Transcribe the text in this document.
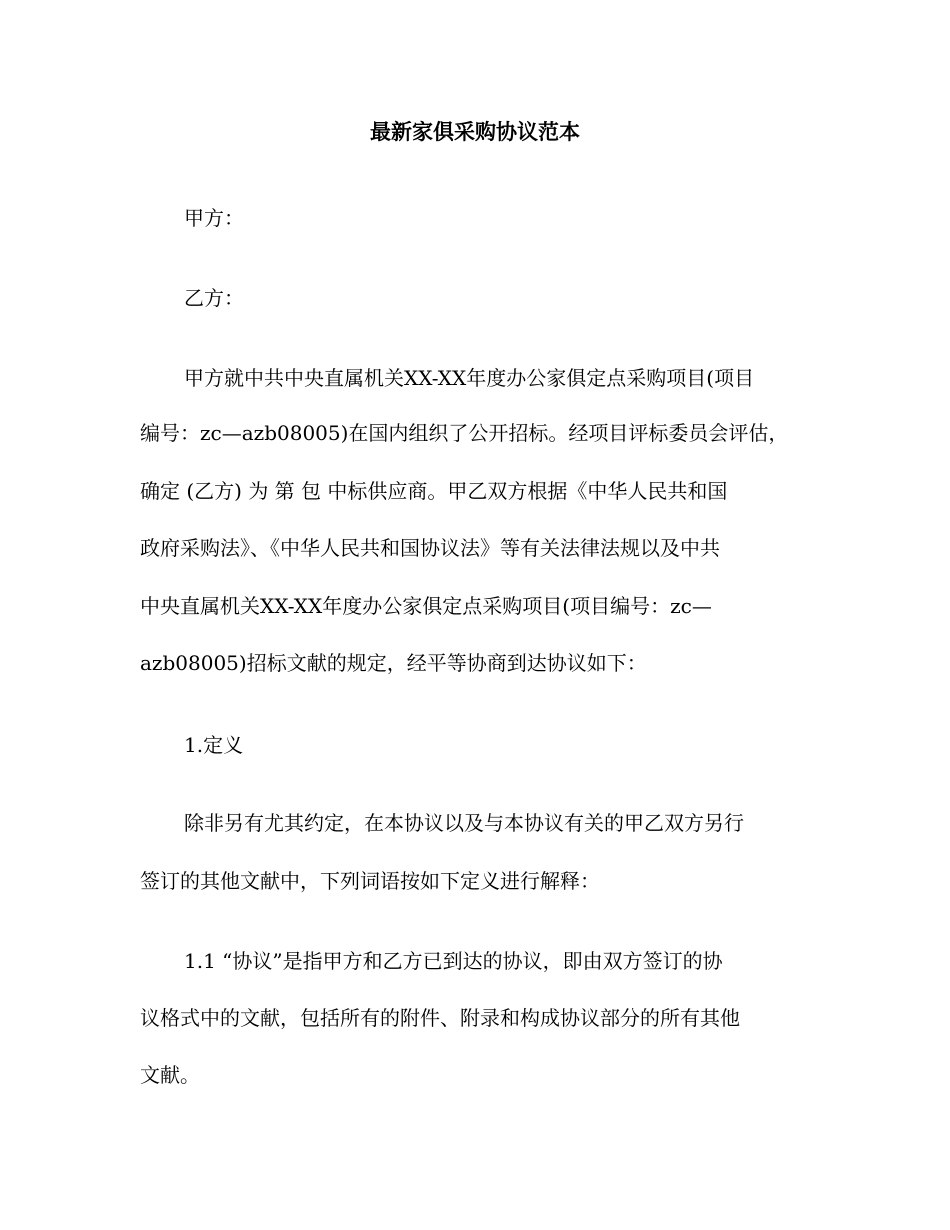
最新家俱采购协议范本
甲方：
乙方：
甲方就中共中央直属机关XX-XX年度办公家俱定点采购项目(项目
编号：zc—azb08005)在国内组织了公开招标。经项目评标委员会评估，
确定 (乙方) 为 第 包 中标供应商。甲乙双方根据《中华人民共和国
政府采购法》、《中华人民共和国协议法》等有关法律法规以及中共
中央直属机关XX-XX年度办公家俱定点采购项目(项目编号：zc—
azb08005)招标文献的规定，经平等协商到达协议如下：
1.定义
除非另有尤其约定，在本协议以及与本协议有关的甲乙双方另行
签订的其他文献中，下列词语按如下定义进行解释：
1.1 “协议”是指甲方和乙方已到达的协议，即由双方签订的协
议格式中的文献，包括所有的附件、附录和构成协议部分的所有其他
文献。
